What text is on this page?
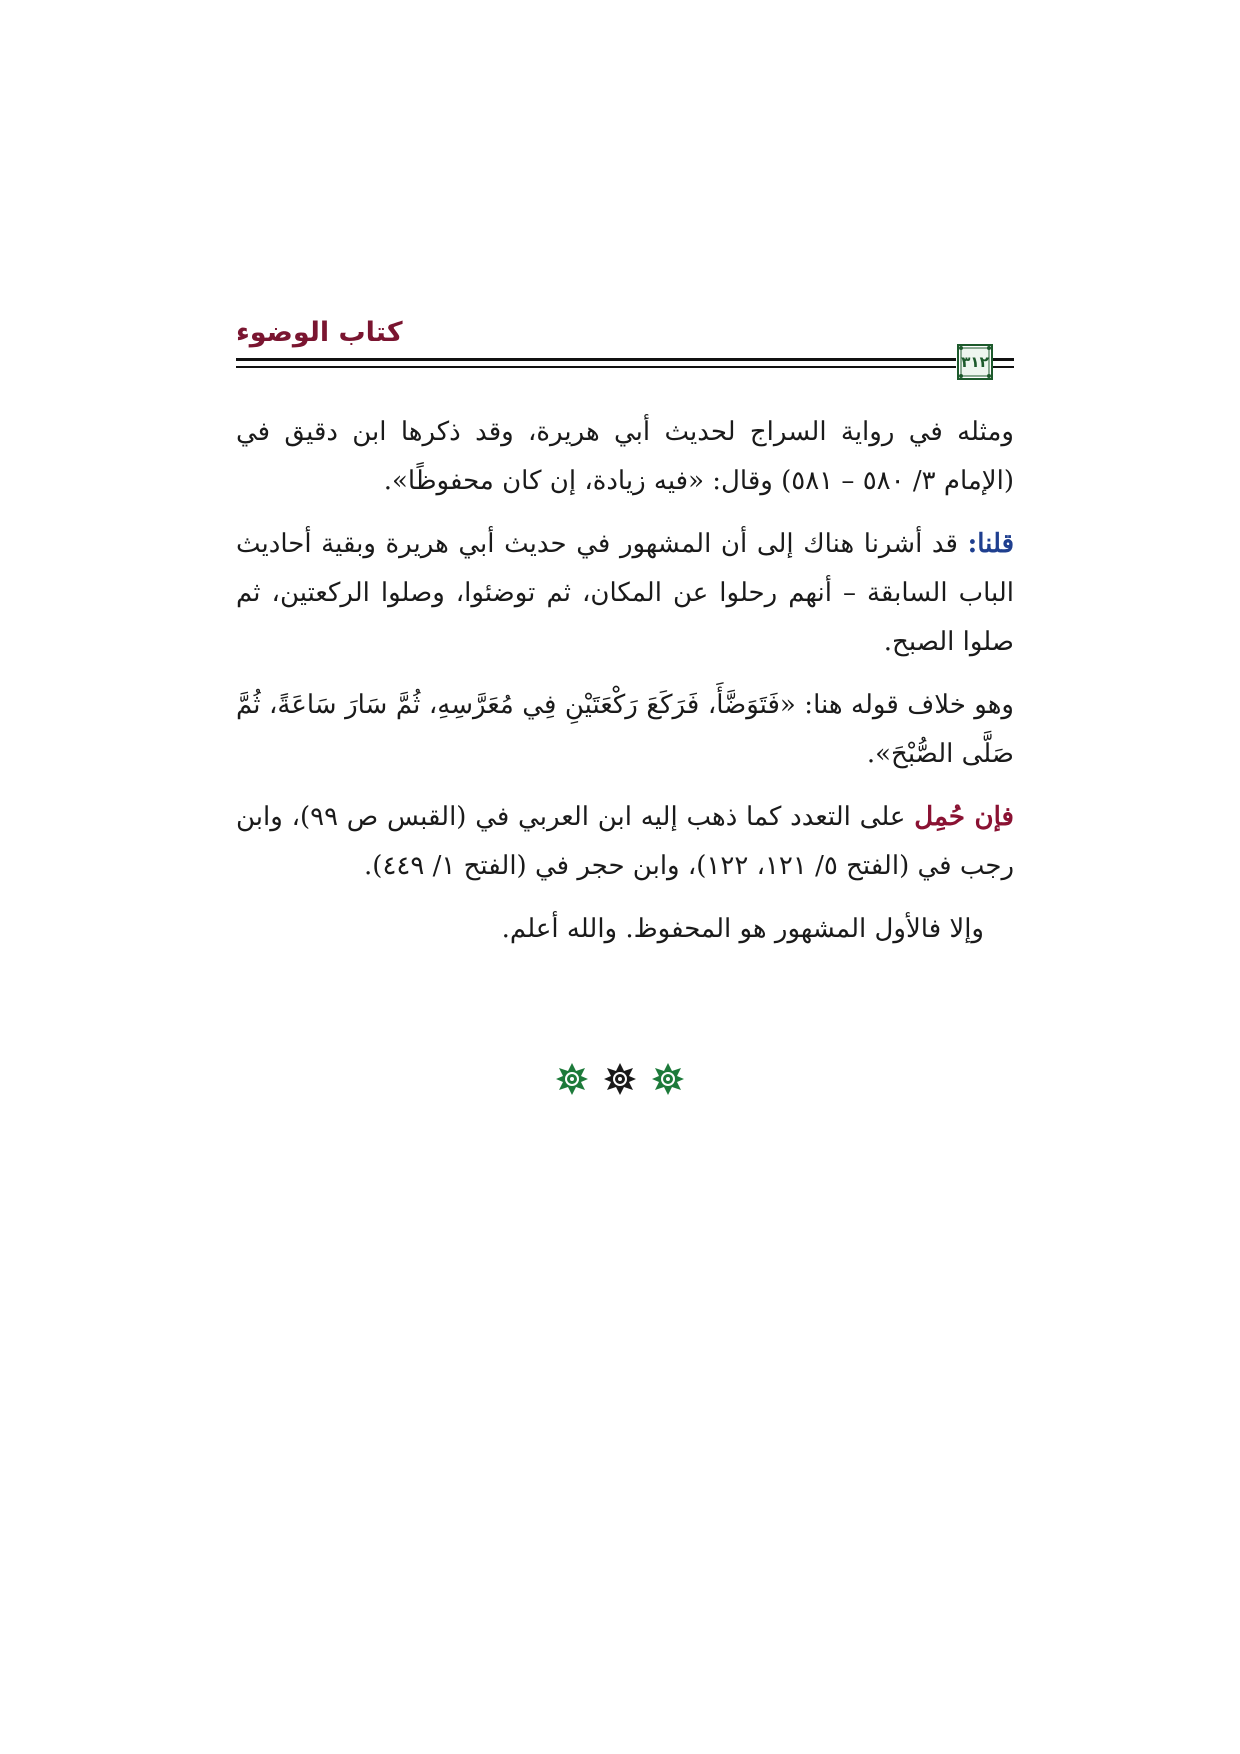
كتاب الوضوء
٣١٢

ومثله في رواية السراج لحديث أبي هريرة، وقد ذكرها ابن دقيق في (الإمام ٣/ ٥٨٠ – ٥٨١) وقال: «فيه زيادة، إن كان محفوظًا».

قلنا: قد أشرنا هناك إلى أن المشهور في حديث أبي هريرة وبقية أحاديث الباب السابقة – أنهم رحلوا عن المكان، ثم توضئوا، وصلوا الركعتين، ثم صلوا الصبح.

وهو خلاف قوله هنا: «فَتَوَضَّأَ، فَرَكَعَ رَكْعَتَيْنِ فِي مُعَرَّسِهِ، ثُمَّ سَارَ سَاعَةً، ثُمَّ صَلَّى الصُّبْحَ».

فإن حُمِل على التعدد كما ذهب إليه ابن العربي في (القبس ص ٩٩)، وابن رجب في (الفتح ٥/ ١٢١، ١٢٢)، وابن حجر في (الفتح ١/ ٤٤٩).

وإلا فالأول المشهور هو المحفوظ. والله أعلم.
